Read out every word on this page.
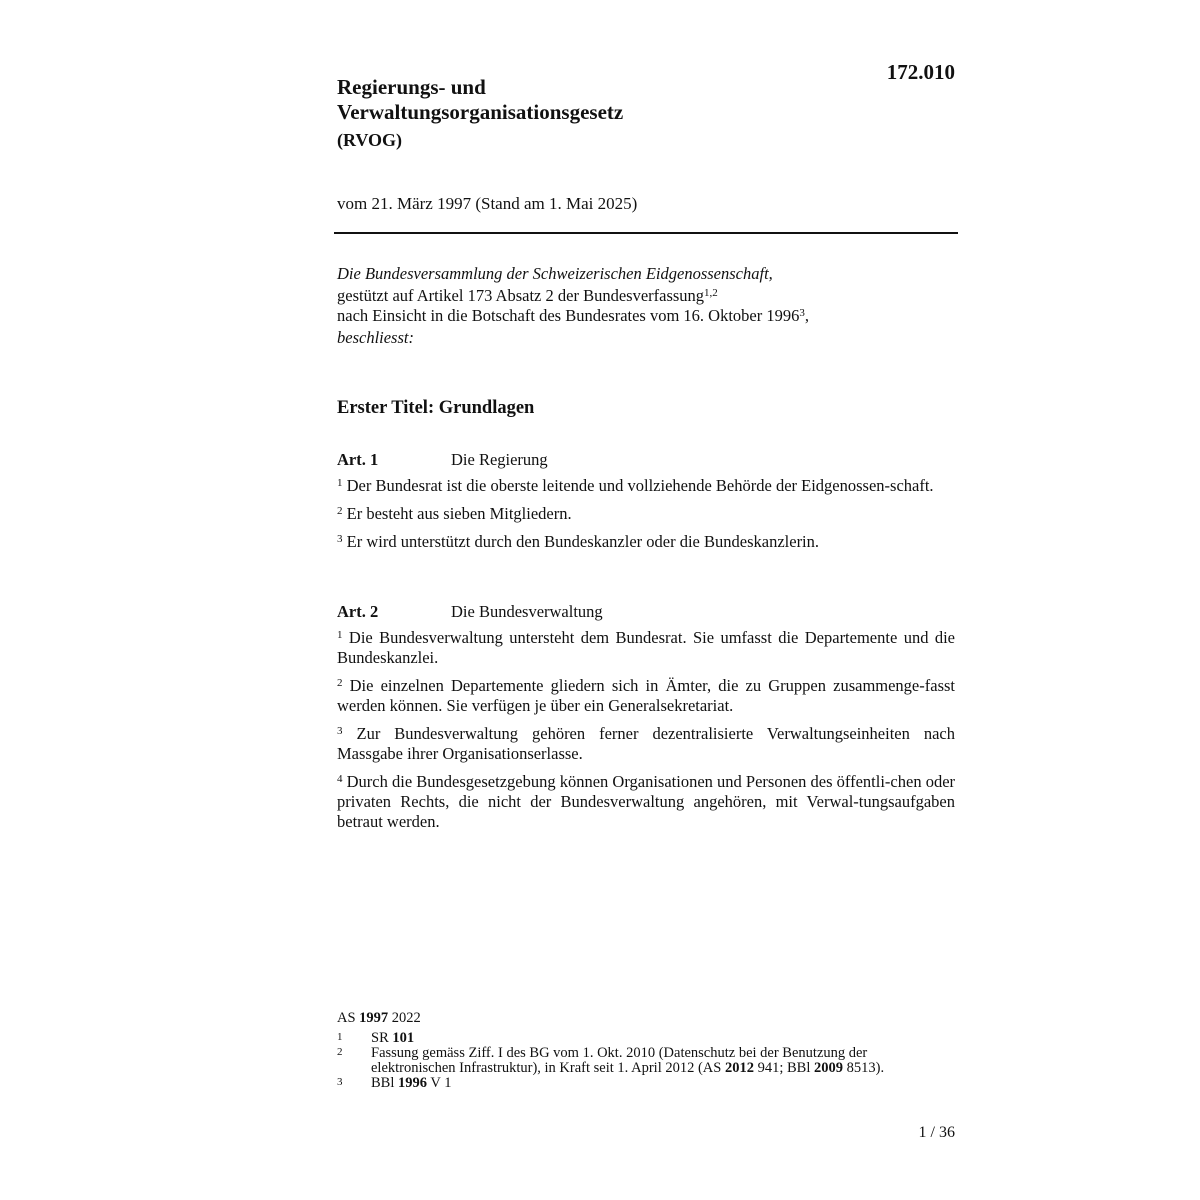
172.010
Regierungs- und
Verwaltungsorganisationsgesetz
(RVOG)
vom 21. März 1997 (Stand am 1. Mai 2025)
Die Bundesversammlung der Schweizerischen Eidgenossenschaft,
gestützt auf Artikel 173 Absatz 2 der Bundesverfassung$^{1,2}$
nach Einsicht in die Botschaft des Bundesrates vom 16. Oktober 1996$^3$,
beschliesst:
Erster Titel: Grundlagen
Art. 1	Die Regierung
$^1$ Der Bundesrat ist die oberste leitende und vollziehende Behörde der Eidgenossen-schaft.
$^2$ Er besteht aus sieben Mitgliedern.
$^3$ Er wird unterstützt durch den Bundeskanzler oder die Bundeskanzlerin.
Art. 2	Die Bundesverwaltung
$^1$ Die Bundesverwaltung untersteht dem Bundesrat. Sie umfasst die Departemente und die Bundeskanzlei.
$^2$ Die einzelnen Departemente gliedern sich in Ämter, die zu Gruppen zusammenge-fasst werden können. Sie verfügen je über ein Generalsekretariat.
$^3$ Zur Bundesverwaltung gehören ferner dezentralisierte Verwaltungseinheiten nach Massgabe ihrer Organisationserlasse.
$^4$ Durch die Bundesgesetzgebung können Organisationen und Personen des öffentli-chen oder privaten Rechts, die nicht der Bundesverwaltung angehören, mit Verwal-tungsaufgaben betraut werden.
AS 1997 2022
1	SR 101
2	Fassung gemäss Ziff. I des BG vom 1. Okt. 2010 (Datenschutz bei der Benutzung der
elektronischen Infrastruktur), in Kraft seit 1. April 2012 (AS 2012 941; BBl 2009 8513).
3	BBl 1996 V 1
1 / 36
